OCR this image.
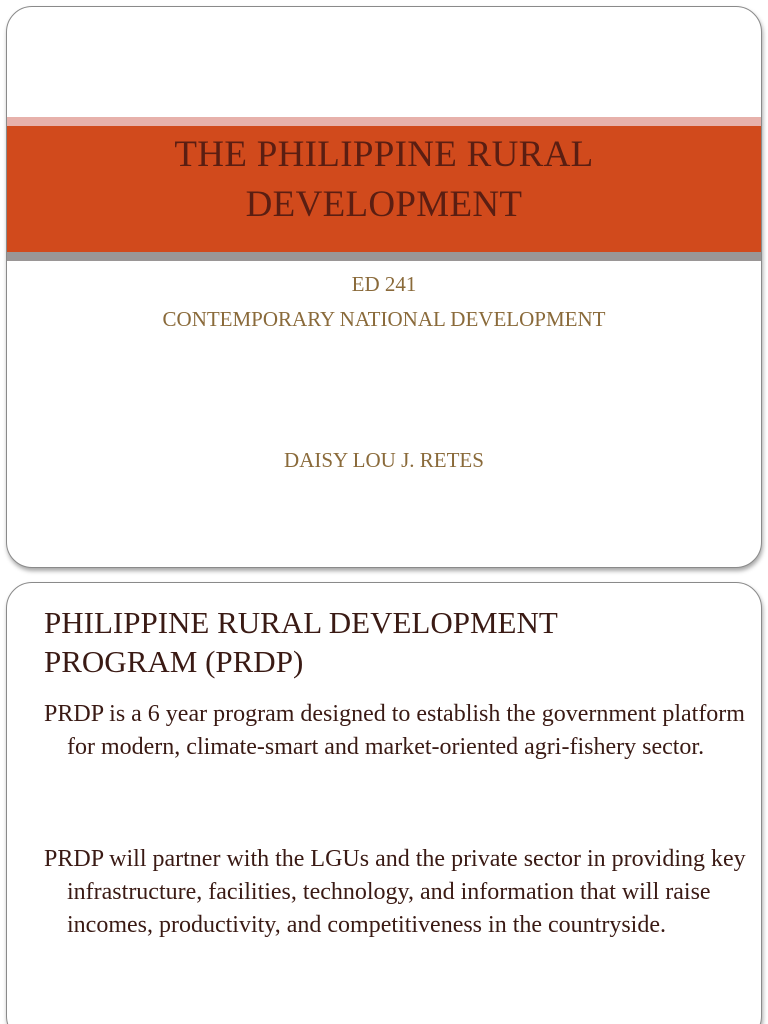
THE PHILIPPINE RURAL
DEVELOPMENT
ED 241
CONTEMPORARY NATIONAL DEVELOPMENT
DAISY LOU J. RETES
PHILIPPINE RURAL DEVELOPMENT
PROGRAM (PRDP)

PRDP is a 6 year program designed to establish the government platform for modern, climate-smart and market-oriented agri-fishery sector.

PRDP will partner with the LGUs and the private sector in providing key infrastructure, facilities, technology, and information that will raise incomes, productivity, and competitiveness in the countryside.
